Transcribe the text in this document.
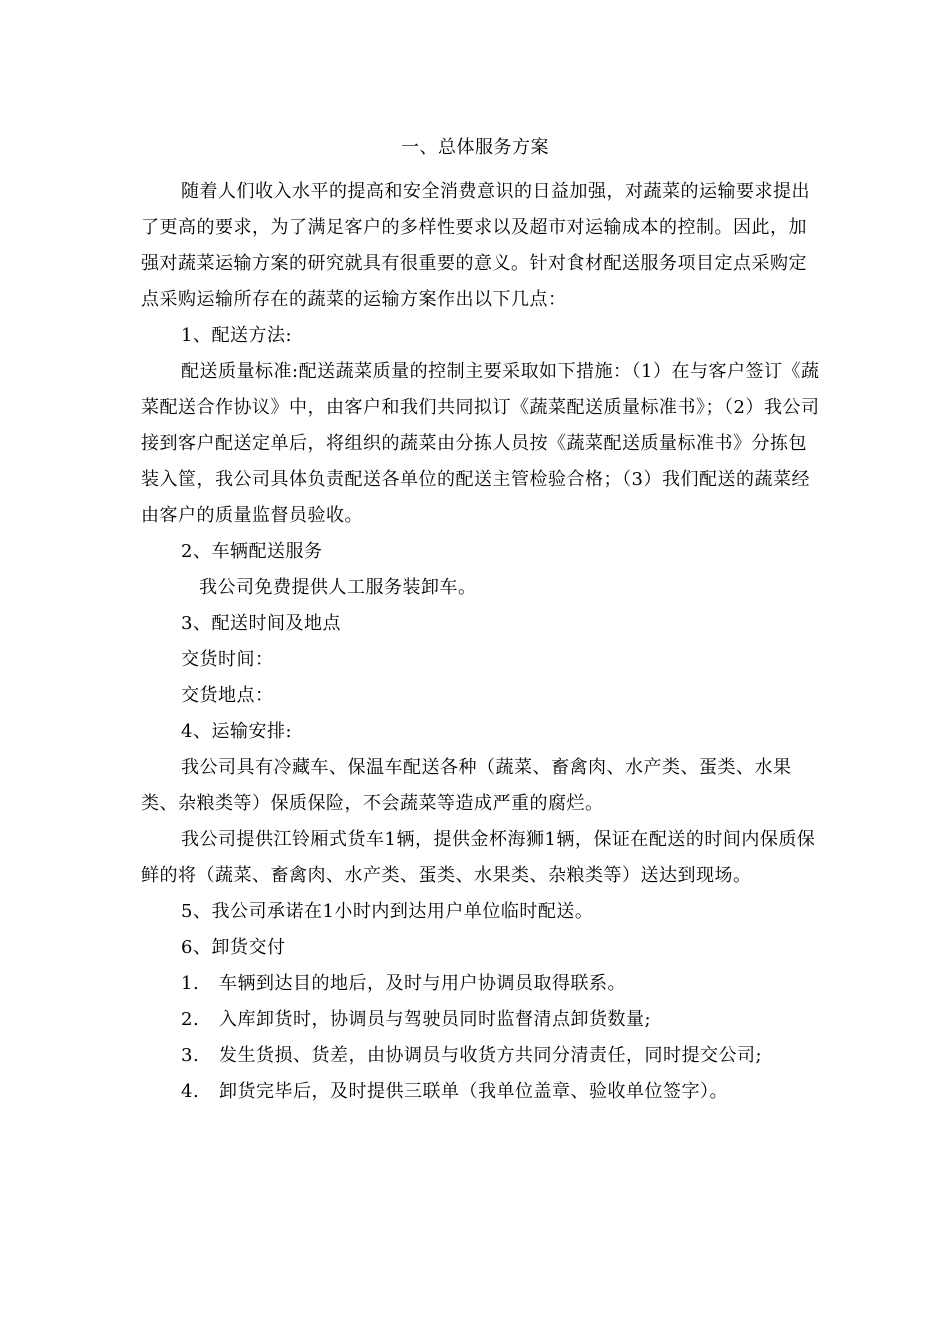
一、总体服务方案

随着人们收入水平的提高和安全消费意识的日益加强，对蔬菜的运输要求提出了更高的要求，为了满足客户的多样性要求以及超市对运输成本的控制。因此，加强对蔬菜运输方案的研究就具有很重要的意义。针对食材配送服务项目定点采购定点采购运输所存在的蔬菜的运输方案作出以下几点：

1、配送方法:

配送质量标准:配送蔬菜质量的控制主要采取如下措施：（1）在与客户签订《蔬菜配送合作协议》中，由客户和我们共同拟订《蔬菜配送质量标准书》；（2）我公司接到客户配送定单后，将组织的蔬菜由分拣人员按《蔬菜配送质量标准书》分拣包装入筐，我公司具体负责配送各单位的配送主管检验合格；（3）我们配送的蔬菜经由客户的质量监督员验收。

2、车辆配送服务

我公司免费提供人工服务装卸车。

3、配送时间及地点

交货时间：

交货地点：

4、运输安排:

我公司具有冷藏车、保温车配送各种（蔬菜、畜禽肉、水产类、蛋类、水果类、杂粮类等）保质保险，不会蔬菜等造成严重的腐烂。

我公司提供江铃厢式货车1辆，提供金杯海狮1辆，保证在配送的时间内保质保鲜的将（蔬菜、畜禽肉、水产类、蛋类、水果类、杂粮类等）送达到现场。

5、我公司承诺在1小时内到达用户单位临时配送。

6、卸货交付

1. 车辆到达目的地后，及时与用户协调员取得联系。

2. 入库卸货时，协调员与驾驶员同时监督清点卸货数量;

3. 发生货损、货差，由协调员与收货方共同分清责任，同时提交公司;

4. 卸货完毕后，及时提供三联单（我单位盖章、验收单位签字）。
